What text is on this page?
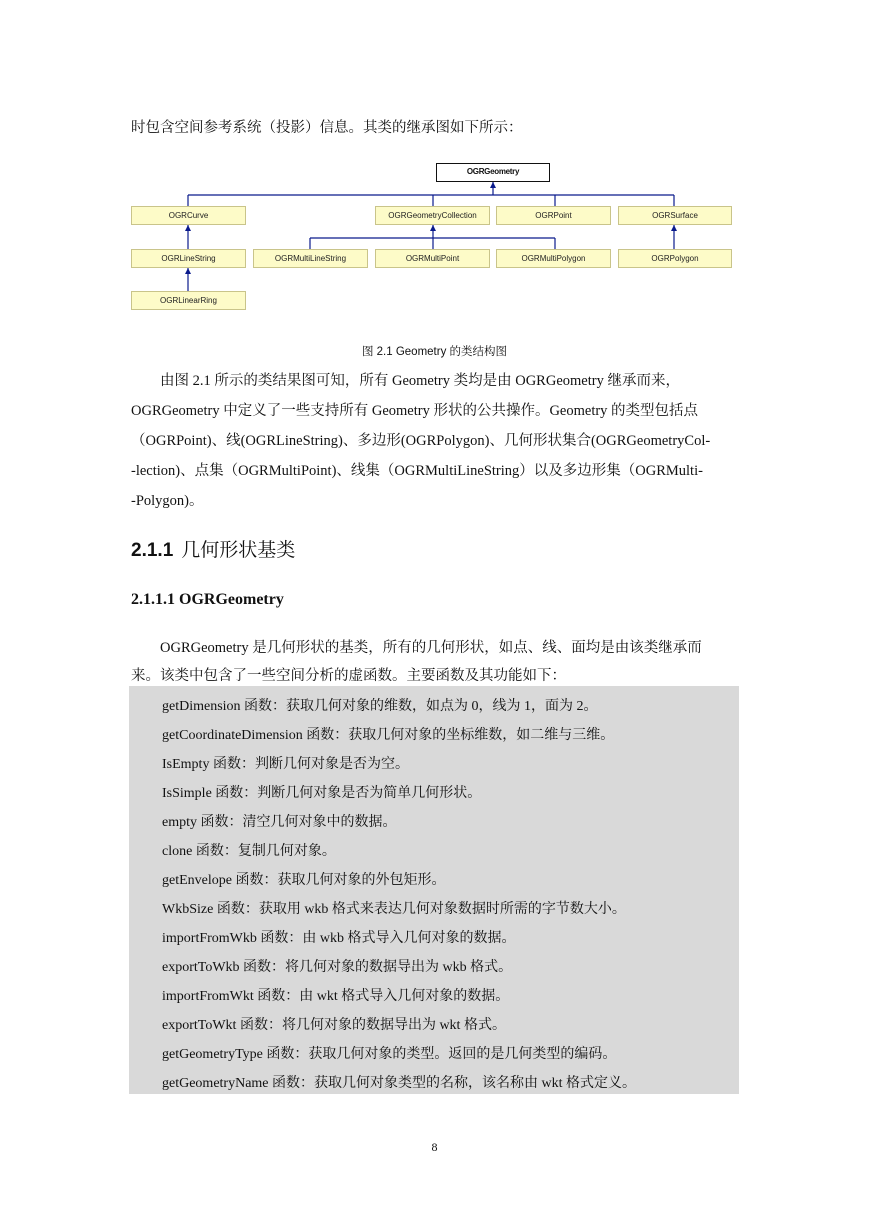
时包含空间参考系统（投影）信息。其类的继承图如下所示：
OGRGeometry
OGRCurve	OGRGeometryCollection	OGRPoint	OGRSurface
OGRLineString	OGRMultiLineString	OGRMultiPoint	OGRMultiPolygon	OGRPolygon
OGRLinearRing
图 2.1 Geometry 的类结构图
由图 2.1 所示的类结果图可知，所有 Geometry 类均是由 OGRGeometry 继承而来，
OGRGeometry 中定义了一些支持所有 Geometry 形状的公共操作。Geometry 的类型包括点
（OGRPoint)、线(OGRLineString)、多边形(OGRPolygon)、几何形状集合(OGRGeometryCol-
-lection)、点集（OGRMultiPoint)、线集（OGRMultiLineString）以及多边形集（OGRMulti-
-Polygon)。
2.1.1 几何形状基类
2.1.1.1 OGRGeometry
OGRGeometry 是几何形状的基类，所有的几何形状，如点、线、面均是由该类继承而
来。该类中包含了一些空间分析的虚函数。主要函数及其功能如下：
getDimension 函数：获取几何对象的维数，如点为 0，线为 1，面为 2。
getCoordinateDimension 函数：获取几何对象的坐标维数，如二维与三维。
IsEmpty 函数：判断几何对象是否为空。
IsSimple 函数：判断几何对象是否为简单几何形状。
empty 函数：清空几何对象中的数据。
clone 函数：复制几何对象。
getEnvelope 函数：获取几何对象的外包矩形。
WkbSize 函数：获取用 wkb 格式来表达几何对象数据时所需的字节数大小。
importFromWkb 函数：由 wkb 格式导入几何对象的数据。
exportToWkb 函数：将几何对象的数据导出为 wkb 格式。
importFromWkt 函数：由 wkt 格式导入几何对象的数据。
exportToWkt 函数：将几何对象的数据导出为 wkt 格式。
getGeometryType 函数：获取几何对象的类型。返回的是几何类型的编码。
getGeometryName 函数：获取几何对象类型的名称，该名称由 wkt 格式定义。
8
